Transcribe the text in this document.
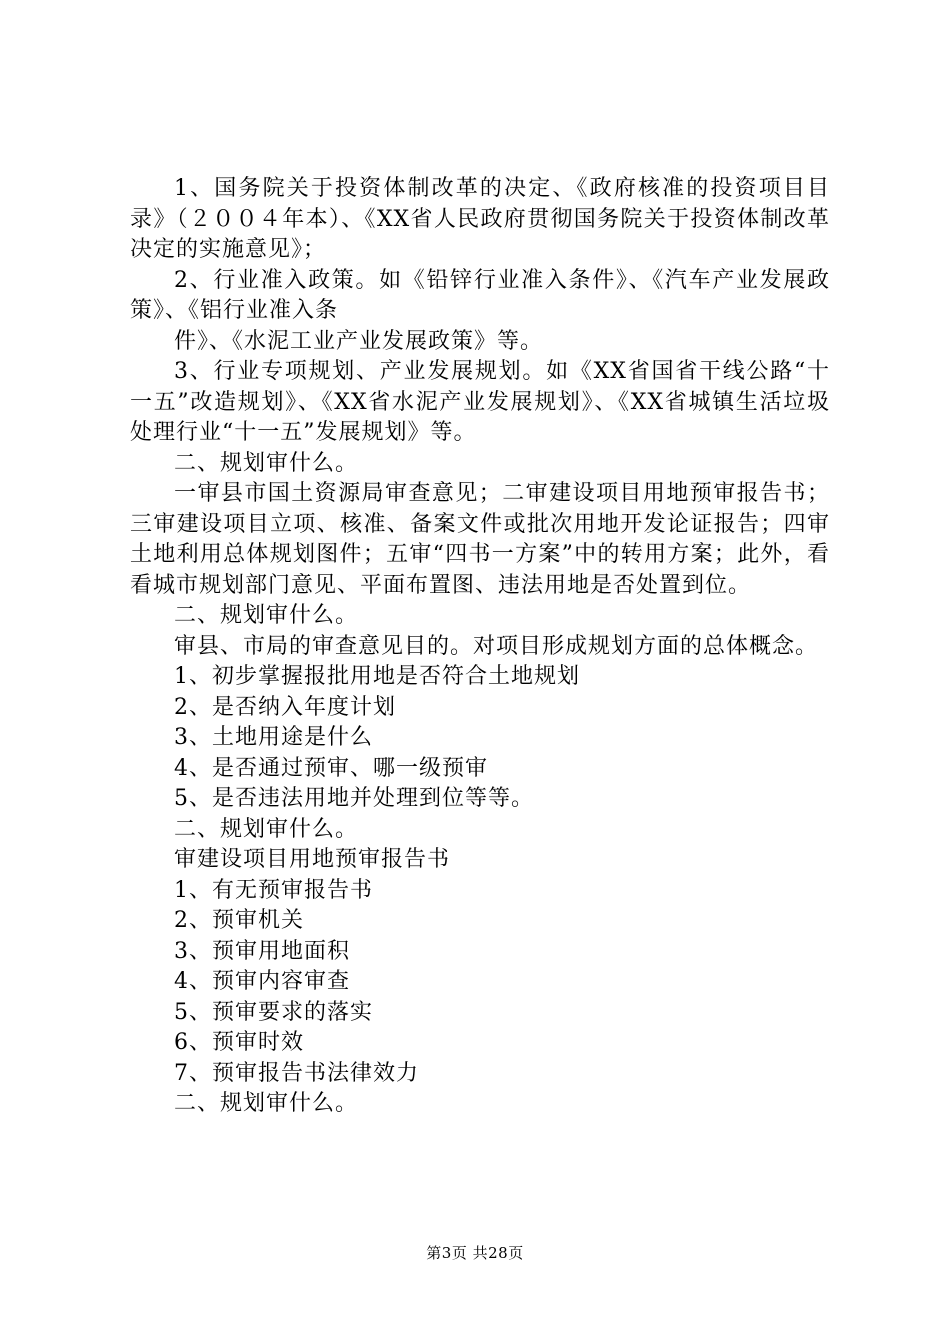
1、国务院关于投资体制改革的决定、《政府核准的投资项目目录》（２００４年本）、《XX省人民政府贯彻国务院关于投资体制改革决定的实施意见》；

2、行业准入政策。如《铅锌行业准入条件》、《汽车产业发展政策》、《铝行业准入条

件》、《水泥工业产业发展政策》等。

3、行业专项规划、产业发展规划。如《XX省国省干线公路“十一五”改造规划》、《XX省水泥产业发展规划》、《XX省城镇生活垃圾处理行业“十一五”发展规划》等。

二、规划审什么。

一审县市国土资源局审查意见；二审建设项目用地预审报告书；三审建设项目立项、核准、备案文件或批次用地开发论证报告；四审土地利用总体规划图件；五审“四书一方案”中的转用方案；此外，看看城市规划部门意见、平面布置图、违法用地是否处置到位。

二、规划审什么。

审县、市局的审查意见目的。对项目形成规划方面的总体概念。

1、初步掌握报批用地是否符合土地规划

2、是否纳入年度计划

3、土地用途是什么

4、是否通过预审、哪一级预审

5、是否违法用地并处理到位等等。

二、规划审什么。

审建设项目用地预审报告书

1、有无预审报告书

2、预审机关

3、预审用地面积

4、预审内容审查

5、预审要求的落实

6、预审时效

7、预审报告书法律效力

二、规划审什么。

第3页 共28页
